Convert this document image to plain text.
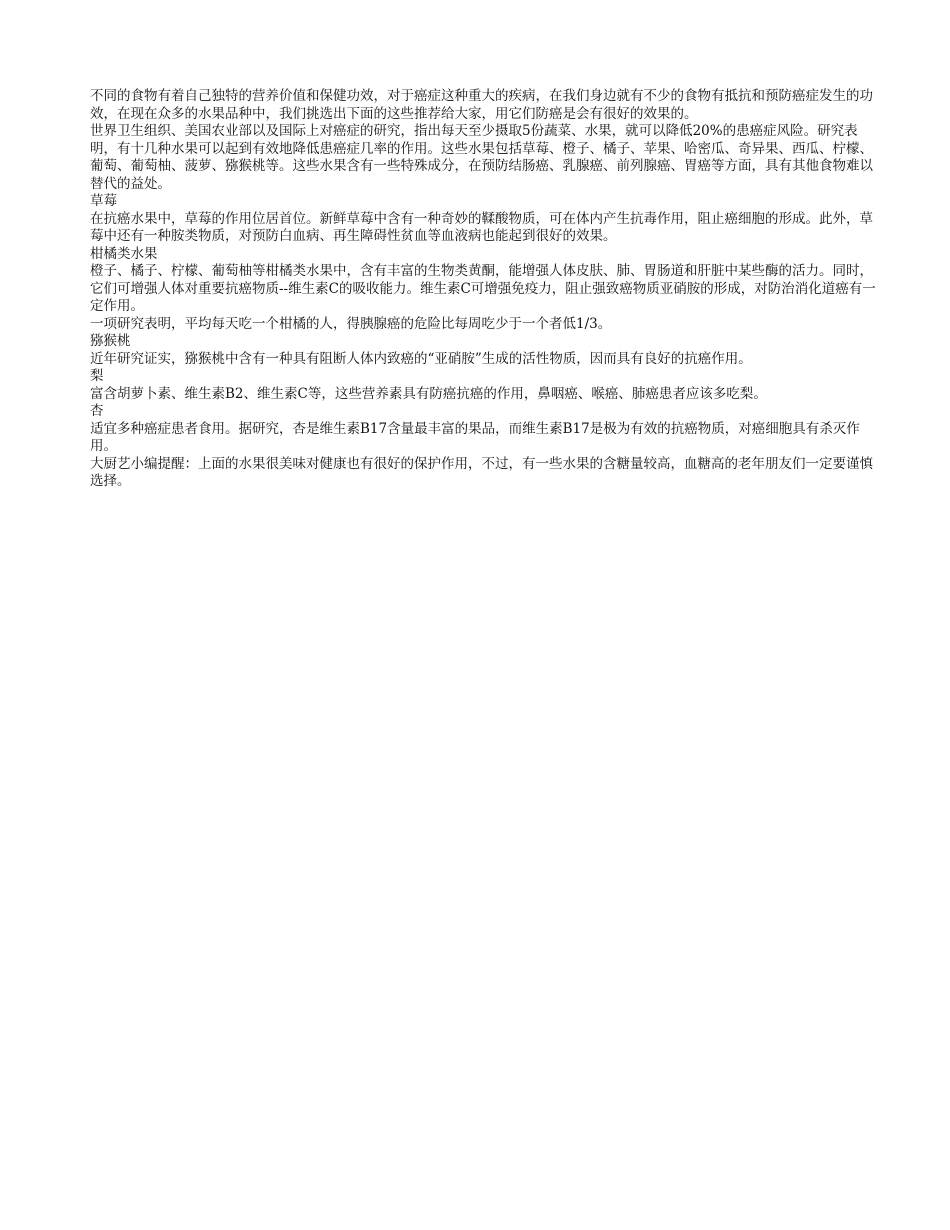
不同的食物有着自己独特的营养价值和保健功效，对于癌症这种重大的疾病，在我们身边就有不少的食物有抵抗和预防癌症发生的功效，在现在众多的水果品种中，我们挑选出下面的这些推荐给大家，用它们防癌是会有很好的效果的。

世界卫生组织、美国农业部以及国际上对癌症的研究，指出每天至少摄取5份蔬菜、水果，就可以降低20%的患癌症风险。研究表明，有十几种水果可以起到有效地降低患癌症几率的作用。这些水果包括草莓、橙子、橘子、苹果、哈密瓜、奇异果、西瓜、柠檬、葡萄、葡萄柚、菠萝、猕猴桃等。这些水果含有一些特殊成分，在预防结肠癌、乳腺癌、前列腺癌、胃癌等方面，具有其他食物难以替代的益处。

草莓

在抗癌水果中，草莓的作用位居首位。新鲜草莓中含有一种奇妙的鞣酸物质，可在体内产生抗毒作用，阻止癌细胞的形成。此外，草莓中还有一种胺类物质，对预防白血病、再生障碍性贫血等血液病也能起到很好的效果。

柑橘类水果

橙子、橘子、柠檬、葡萄柚等柑橘类水果中，含有丰富的生物类黄酮，能增强人体皮肤、肺、胃肠道和肝脏中某些酶的活力。同时，它们可增强人体对重要抗癌物质--维生素C的吸收能力。维生素C可增强免疫力，阻止强致癌物质亚硝胺的形成，对防治消化道癌有一定作用。

一项研究表明，平均每天吃一个柑橘的人，得胰腺癌的危险比每周吃少于一个者低1/3。

猕猴桃

近年研究证实，猕猴桃中含有一种具有阻断人体内致癌的“亚硝胺”生成的活性物质，因而具有良好的抗癌作用。

梨

富含胡萝卜素、维生素B2、维生素C等，这些营养素具有防癌抗癌的作用，鼻咽癌、喉癌、肺癌患者应该多吃梨。

杏

适宜多种癌症患者食用。据研究，杏是维生素B17含量最丰富的果品，而维生素B17是极为有效的抗癌物质，对癌细胞具有杀灭作用。

大厨艺小编提醒：上面的水果很美味对健康也有很好的保护作用，不过，有一些水果的含糖量较高，血糖高的老年朋友们一定要谨慎选择。
